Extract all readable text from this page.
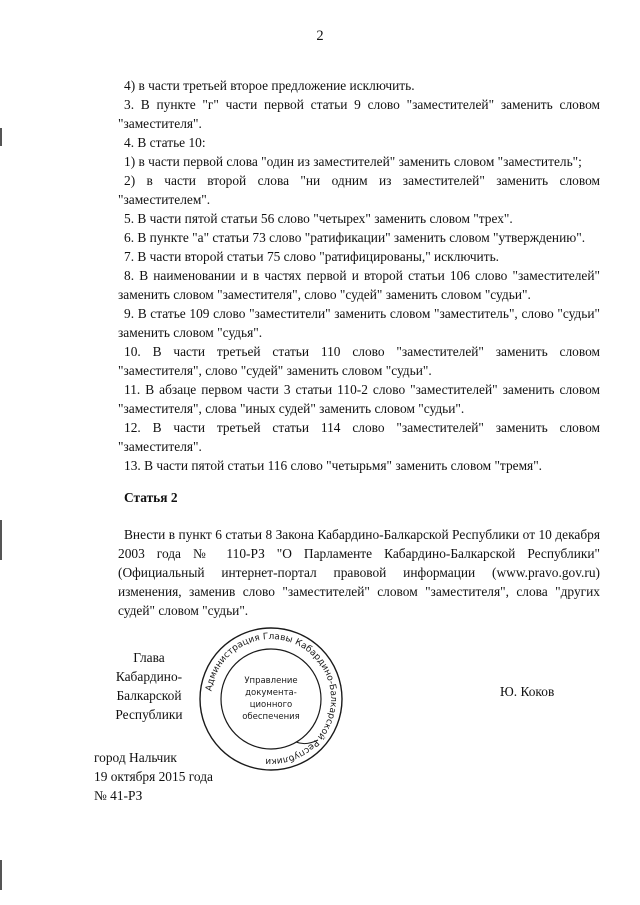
2

4) в части третьей второе предложение исключить.

3. В пункте "г" части первой статьи 9 слово "заместителей" заменить словом "заместителя".

4. В статье 10:

1) в части первой слова "один из заместителей" заменить словом "заместитель";

2) в части второй слова "ни одним из заместителей" заменить словом "заместителем".

5. В части пятой статьи 56 слово "четырех" заменить словом "трех".

6. В пункте "а" статьи 73 слово "ратификации" заменить словом "утверждению".

7. В части второй статьи 75 слово "ратифицированы," исключить.

8. В наименовании и в частях первой и второй статьи 106 слово "заместителей" заменить словом "заместителя", слово "судей" заменить словом "судьи".

9. В статье 109 слово "заместители" заменить словом "заместитель", слово "судьи" заменить словом "судья".

10. В части третьей статьи 110 слово "заместителей" заменить словом "заместителя", слово "судей" заменить словом "судьи".

11. В абзаце первом части 3 статьи 110-2 слово "заместителей" заменить словом "заместителя", слова "иных судей" заменить словом "судьи".

12. В части третьей статьи 114 слово "заместителей" заменить словом "заместителя".

13. В части пятой статьи 116 слово "четырьмя" заменить словом "тремя".

Статья 2

Внести в пункт 6 статьи 8 Закона Кабардино-Балкарской Республики от 10 декабря 2003 года № 110-РЗ "О Парламенте Кабардино-Балкарской Республики" (Официальный интернет-портал правовой информации (www.pravo.gov.ru) изменения, заменив слово "заместителей" словом "заместителя", слова "других судей" словом "судьи".

Глава
Кабардино-Балкарской
Республики
Администрация Главы Кабардино-Балкарской Республики
Управление
документа-
ционного
обеспечения
Ю. Коков
город Нальчик
19 октября 2015 года
№ 41-РЗ
